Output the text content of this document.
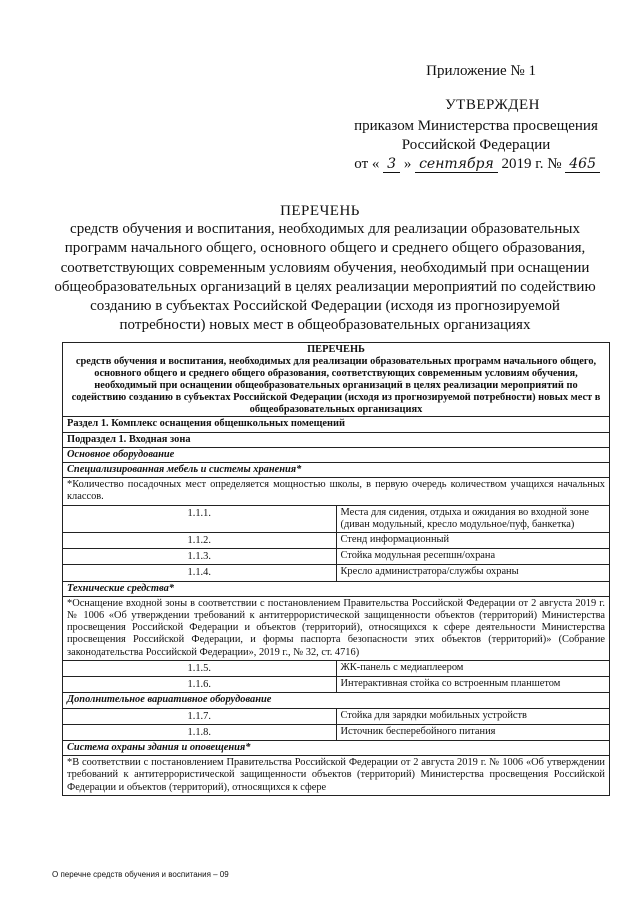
Приложение № 1
УТВЕРЖДЕН
приказом Министерства просвещения Российской Федерации
от « 3 » сентября 2019 г. № 465
ПЕРЕЧЕНЬ
средств обучения и воспитания, необходимых для реализации образовательных программ начального общего, основного общего и среднего общего образования, соответствующих современным условиям обучения, необходимый при оснащении общеобразовательных организаций в целях реализации мероприятий по содействию созданию в субъектах Российской Федерации (исходя из прогнозируемой потребности) новых мест в общеобразовательных организациях
ПЕРЕЧЕНЬ
средств обучения и воспитания, необходимых для реализации образовательных программ начального общего, основного общего и среднего общего образования, соответствующих современным условиям обучения, необходимый при оснащении общеобразовательных организаций в целях реализации мероприятий по содействию созданию в субъектах Российской Федерации (исходя из прогнозируемой потребности) новых мест в общеобразовательных организациях	

Раздел 1. Комплекс оснащения общешкольных помещений	
Подраздел 1. Входная зона	
Основное оборудование	
Специализированная мебель и системы хранения*	
*Количество посадочных мест определяется мощностью школы, в первую очередь количеством учащихся начальных классов.	
1.1.1.	Места для сидения, отдыха и ожидания во входной зоне (диван модульный, кресло модульное/пуф, банкетка)
1.1.2.	Стенд информационный
1.1.3.	Стойка модульная ресепшн/охрана
1.1.4.	Кресло администратора/службы охраны
Технические средства*	
*Оснащение входной зоны в соответствии с постановлением Правительства Российской Федерации от 2 августа 2019 г. № 1006 «Об утверждении требований к антитеррористической защищенности объектов (территорий) Министерства просвещения Российской Федерации и объектов (территорий), относящихся к сфере деятельности Министерства просвещения Российской Федерации, и формы паспорта безопасности этих объектов (территорий)» (Собрание законодательства Российской Федерации», 2019 г., № 32, ст. 4716)	
1.1.5.	ЖК-панель с медиаплеером
1.1.6.	Интерактивная стойка со встроенным планшетом
Дополнительное вариативное оборудование	
1.1.7.	Стойка для зарядки мобильных устройств
1.1.8.	Источник бесперебойного питания
Система охраны здания и оповещения*	
*В соответствии с постановлением Правительства Российской Федерации от 2 августа 2019 г. № 1006 «Об утверждении требований к антитеррористической защищенности объектов (территорий) Министерства просвещения Российской Федерации и объектов (территорий), относящихся к сфере	
О перечне средств обучения и воспитания – 09
